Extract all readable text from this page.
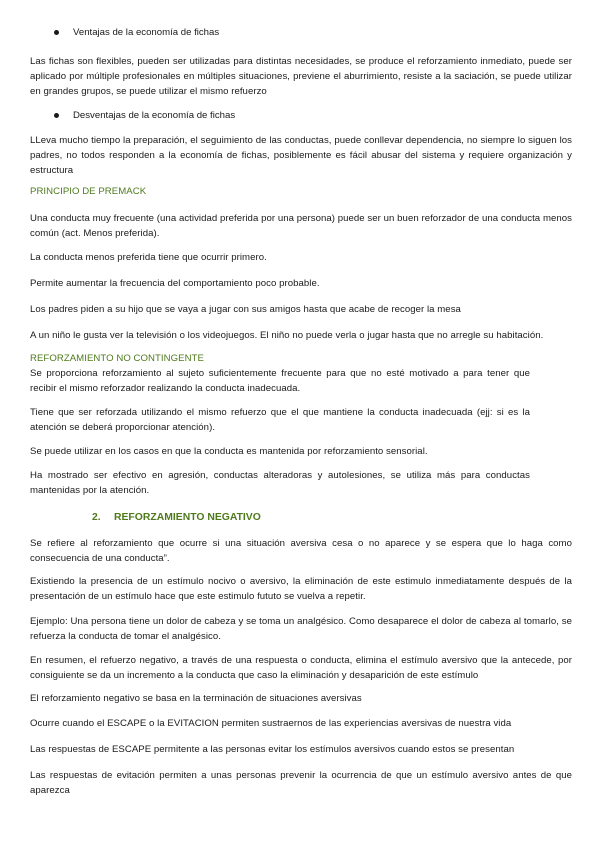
Ventajas de la economía de fichas

Las fichas son flexibles, pueden ser utilizadas para distintas necesidades, se produce el reforzamiento inmediato, puede ser aplicado por múltiple profesionales en múltiples situaciones, previene el aburrimiento, resiste a la saciación, se puede utilizar en grandes grupos, se puede utilizar el mismo refuerzo

Desventajas de la economía de fichas

LLeva mucho tiempo la preparación, el seguimiento de las conductas, puede conllevar dependencia, no siempre lo siguen los padres, no todos responden a la economía de fichas, posiblemente es fácil abusar del sistema y requiere organización y estructura

PRINCIPIO DE PREMACK

Una conducta muy frecuente (una actividad preferida por una persona) puede ser un buen reforzador de una conducta menos común (act. Menos preferida).

La conducta menos preferida tiene que ocurrir primero.

Permite aumentar la frecuencia del comportamiento poco probable.

Los padres piden a su hijo que se vaya a jugar con sus amigos hasta que acabe de recoger la mesa

A un niño le gusta ver la televisión o los videojuegos. El niño no puede verla o jugar hasta que no arregle su habitación.

REFORZAMIENTO NO CONTINGENTE

Se proporciona reforzamiento al sujeto suficientemente frecuente para que no esté motivado a para tener que recibir el mismo reforzador realizando la conducta inadecuada.

Tiene que ser reforzada utilizando el mismo refuerzo que el que mantiene la conducta inadecuada (ejj: si es la atención se deberá proporcionar atención).

Se puede utilizar en los casos en que la conducta es mantenida por reforzamiento sensorial.

Ha mostrado ser efectivo en agresión, conductas alteradoras y autolesiones, se utiliza más para conductas mantenidas por la atención.

2. REFORZAMIENTO NEGATIVO

Se refiere al reforzamiento que ocurre si una situación aversiva cesa o no aparece y se espera que lo haga como consecuencia de una conducta”.

Existiendo la presencia de un estímulo nocivo o aversivo, la eliminación de este estimulo inmediatamente después de la presentación de un estímulo hace que este estimulo fututo se vuelva a repetir.

Ejemplo: Una persona tiene un dolor de cabeza y se toma un analgésico. Como desaparece el dolor de cabeza al tomarlo, se refuerza la conducta de tomar el analgésico.

En resumen, el refuerzo negativo, a través de una respuesta o conducta, elimina el estímulo aversivo que la antecede, por consiguiente se da un incremento a la conducta que caso la eliminación y desaparición de este estímulo

El reforzamiento negativo se basa en la terminación de situaciones aversivas

Ocurre cuando el ESCAPE o la EVITACION permiten sustraernos de las experiencias aversivas de nuestra vida

Las respuestas de ESCAPE permitente a las personas evitar los estímulos aversivos cuando estos se presentan

Las respuestas de evitación permiten a unas personas prevenir la ocurrencia de que un estímulo aversivo antes de que aparezca
